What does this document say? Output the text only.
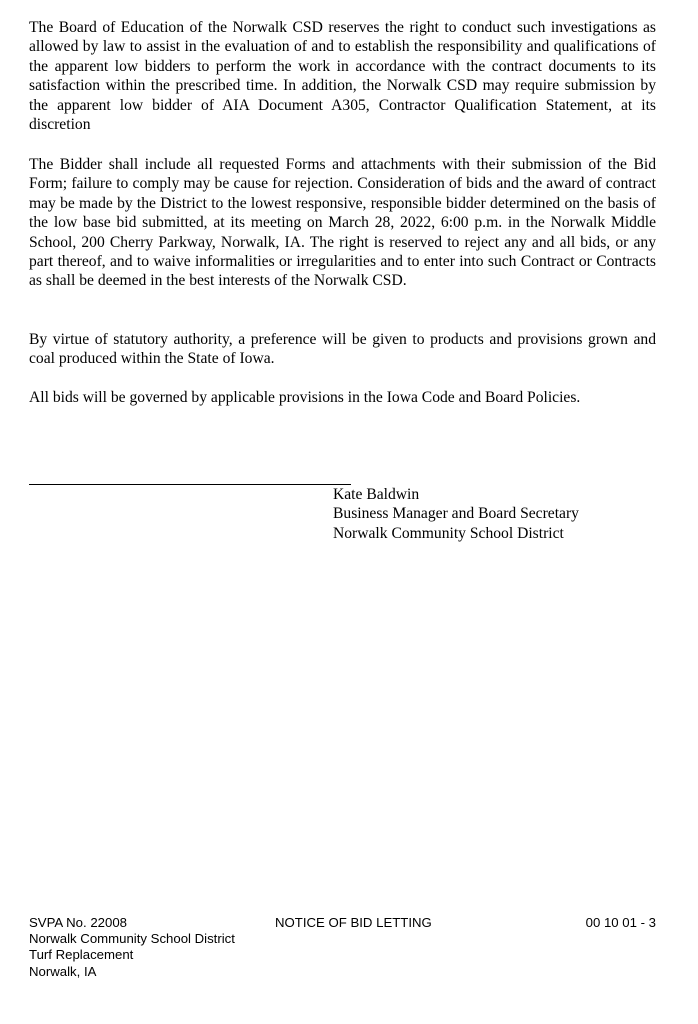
The Board of Education of the Norwalk CSD reserves the right to conduct such investigations as allowed by law to assist in the evaluation of and to establish the responsibility and qualifications of the apparent low bidders to perform the work in accordance with the contract documents to its satisfaction within the prescribed time. In addition, the Norwalk CSD may require submission by the apparent low bidder of AIA Document A305, Contractor Qualification Statement, at its discretion

The Bidder shall include all requested Forms and attachments with their submission of the Bid Form; failure to comply may be cause for rejection. Consideration of bids and the award of contract may be made by the District to the lowest responsive, responsible bidder determined on the basis of the low base bid submitted, at its meeting on March 28, 2022, 6:00 p.m. in the Norwalk Middle School, 200 Cherry Parkway, Norwalk, IA. The right is reserved to reject any and all bids, or any part thereof, and to waive informalities or irregularities and to enter into such Contract or Contracts as shall be deemed in the best interests of the Norwalk CSD.

By virtue of statutory authority, a preference will be given to products and provisions grown and coal produced within the State of Iowa.

All bids will be governed by applicable provisions in the Iowa Code and Board Policies.

Kate Baldwin
Business Manager and Board Secretary
Norwalk Community School District
SVPA No. 22008
Norwalk Community School District
Turf Replacement
Norwalk, IA
NOTICE OF BID LETTING	00 10 01 - 3
